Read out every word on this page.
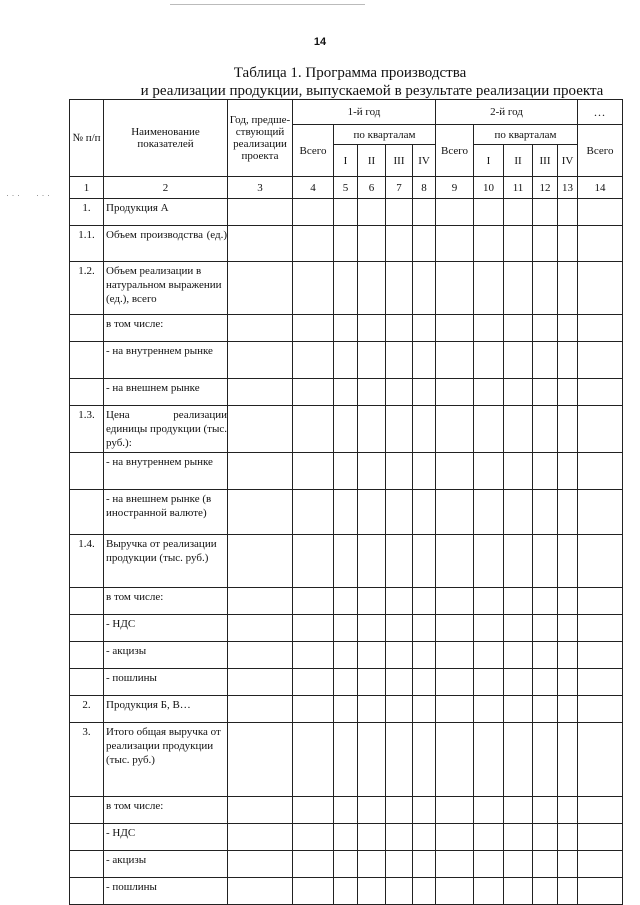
· · · · · ·
14
Таблица 1. Программа производства
и реализации продукции, выпускаемой в результате реализации проекта
№ п/п	Наименование показателей	Год, предше-ствующий реализации проекта	1-й год					2-й год					...
			Всего	по кварталам				Всего	по кварталам				Всего
				I	II	III	IV		I	II	III	IV	
1	2	3	4	5	6	7	8	9	10	11	12	13	14
1.	Продукция А												
1.1.	Объем производства (ед.)												
1.2.	Объем реализации в натуральном выражении (ед.), всего												
	в том числе:												
	- на внутреннем рынке												
	- на внешнем рынке												
1.3.	Цена реализации единицы продукции (тыс. руб.):												
	- на внутреннем рынке												
	- на внешнем рынке (в иностранной валюте)												
1.4.	Выручка от реализации продукции (тыс. руб.)												
	в том числе:												
	- НДС												
	- акцизы												
	- пошлины												
2.	Продукция Б, В…												
3.	Итого общая выручка от реализации продукции (тыс. руб.)												
	в том числе:												
	- НДС												
	- акцизы												
	- пошлины												
